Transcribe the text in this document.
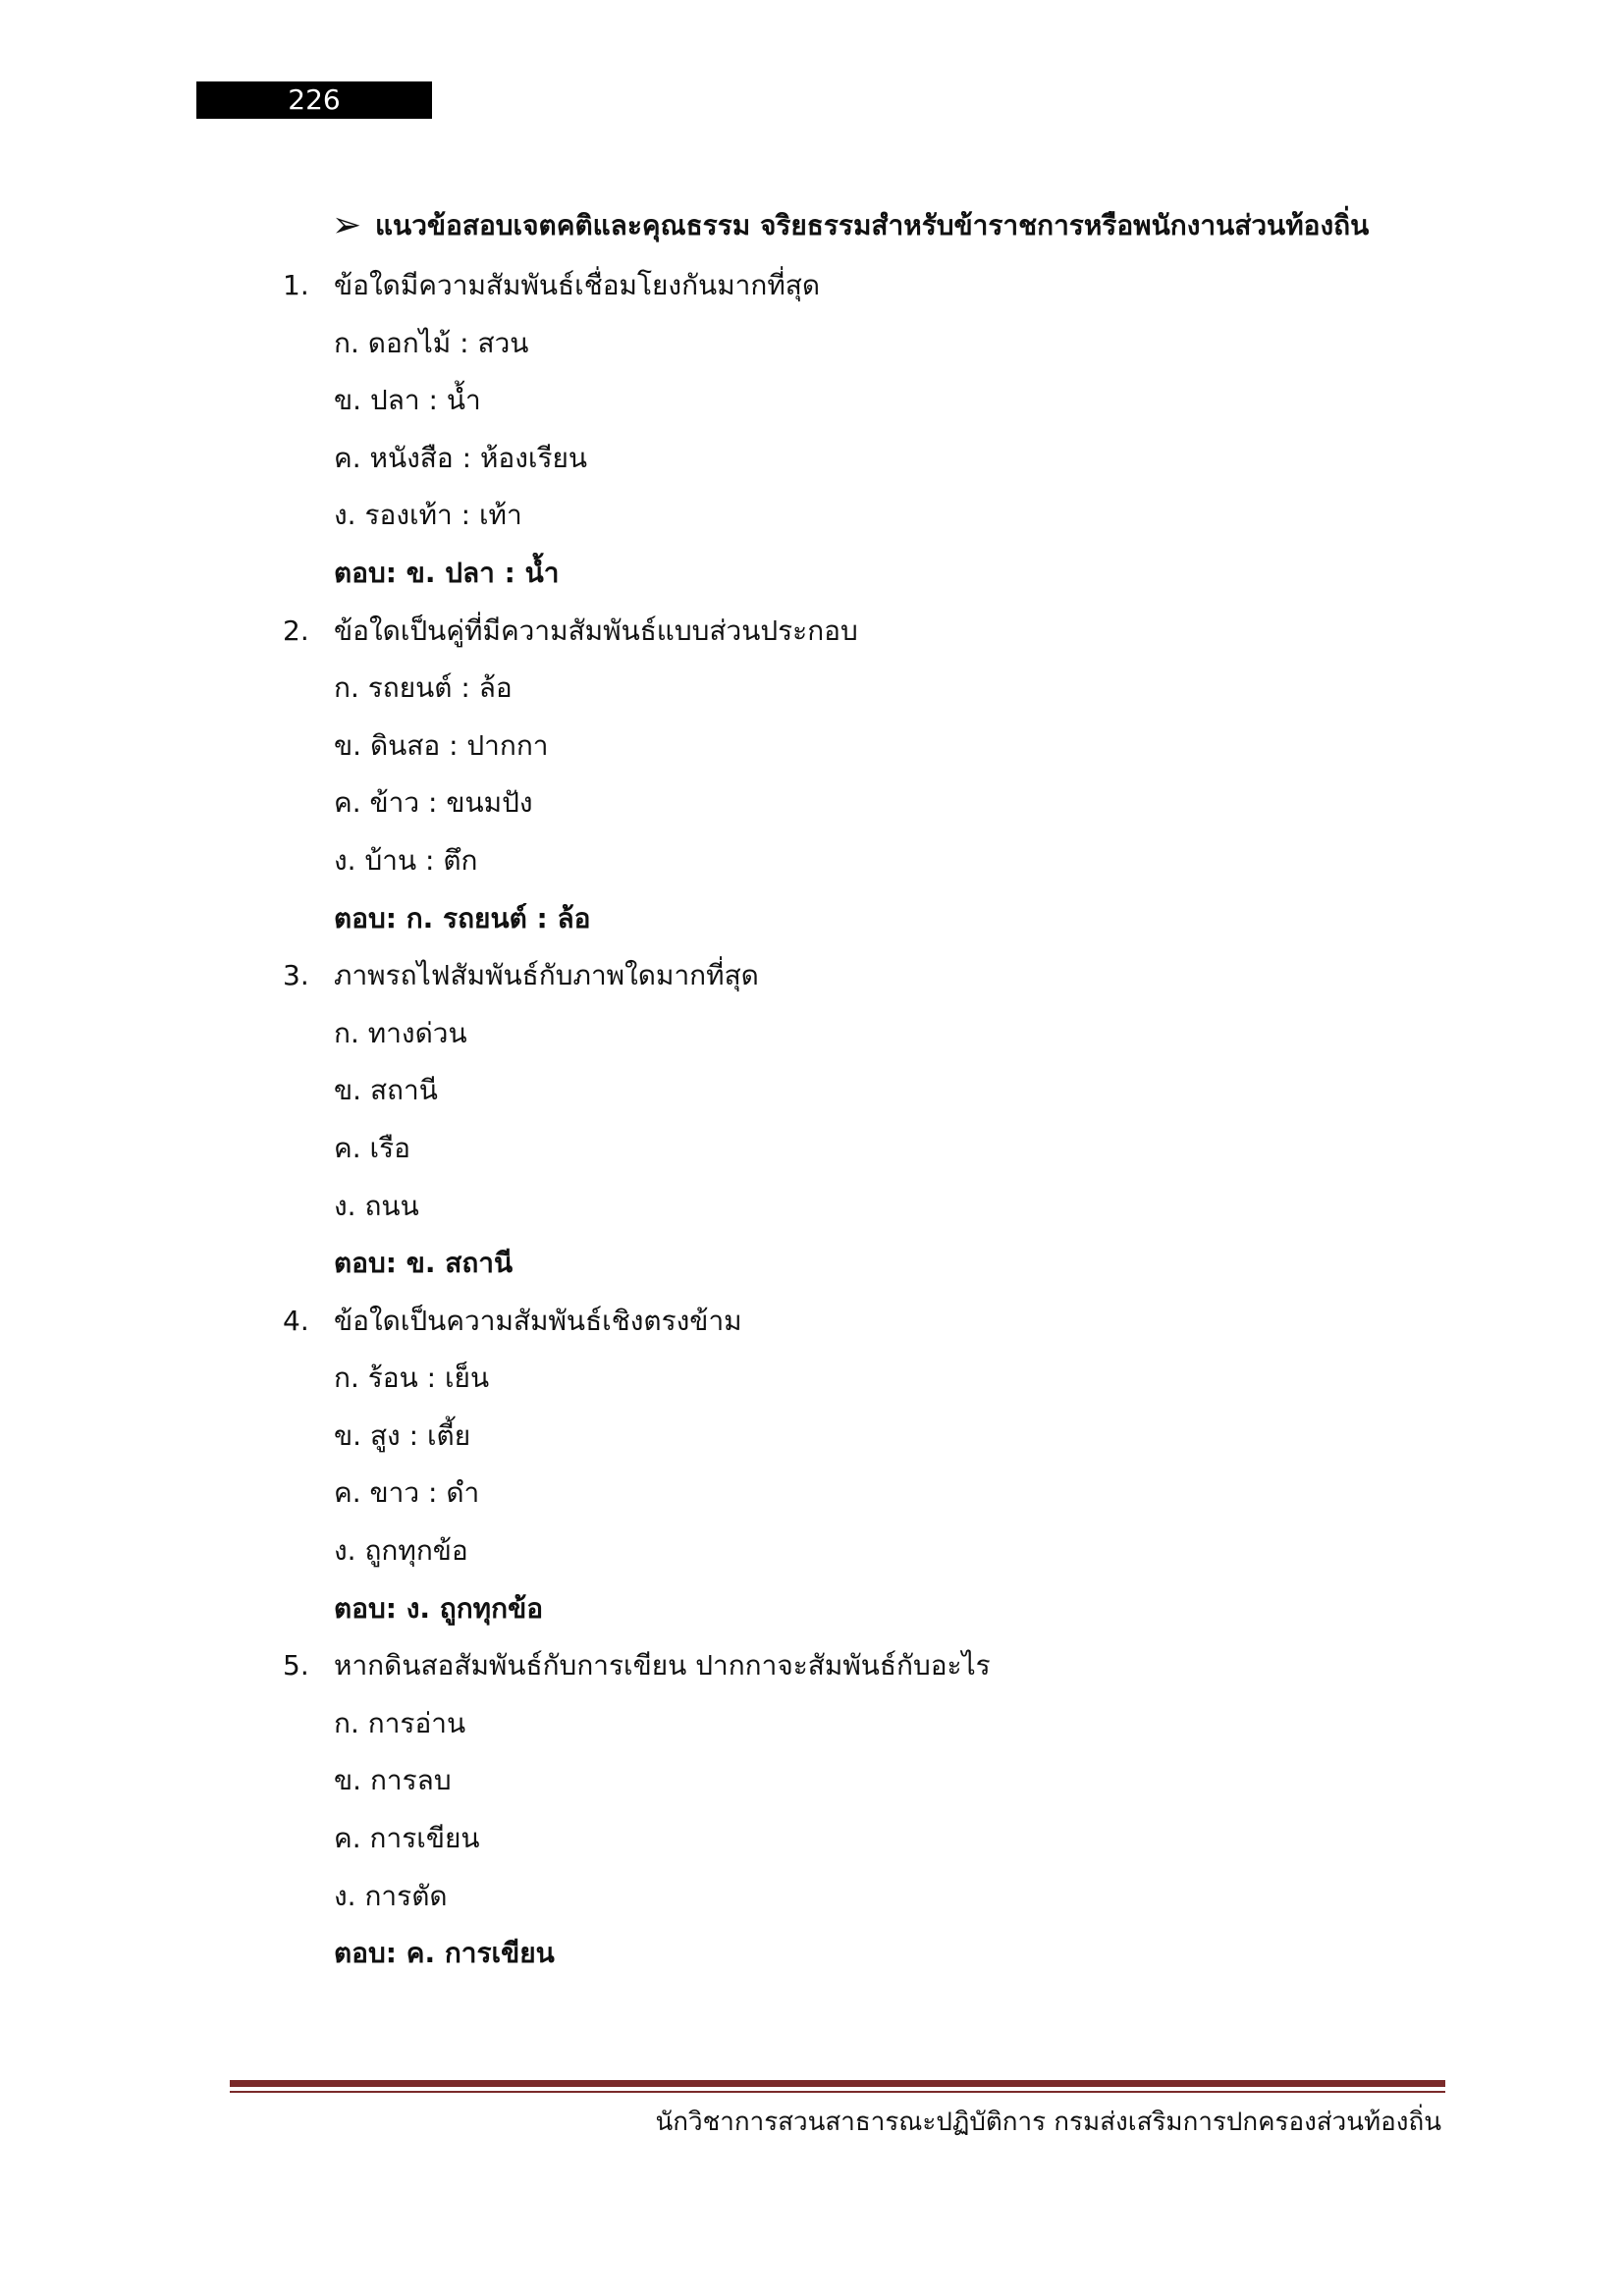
226
➢ แนวข้อสอบเจตคติและคุณธรรม จริยธรรมสำหรับข้าราชการหรือพนักงานส่วนท้องถิ่น
1. ข้อใดมีความสัมพันธ์เชื่อมโยงกันมากที่สุด
ก. ดอกไม้ : สวน
ข. ปลา : น้ำ
ค. หนังสือ : ห้องเรียน
ง. รองเท้า : เท้า
ตอบ: ข. ปลา : น้ำ
2. ข้อใดเป็นคู่ที่มีความสัมพันธ์แบบส่วนประกอบ
ก. รถยนต์ : ล้อ
ข. ดินสอ : ปากกา
ค. ข้าว : ขนมปัง
ง. บ้าน : ตึก
ตอบ: ก. รถยนต์ : ล้อ
3. ภาพรถไฟสัมพันธ์กับภาพใดมากที่สุด
ก. ทางด่วน
ข. สถานี
ค. เรือ
ง. ถนน
ตอบ: ข. สถานี
4. ข้อใดเป็นความสัมพันธ์เชิงตรงข้าม
ก. ร้อน : เย็น
ข. สูง : เตี้ย
ค. ขาว : ดำ
ง. ถูกทุกข้อ
ตอบ: ง. ถูกทุกข้อ
5. หากดินสอสัมพันธ์กับการเขียน ปากกาจะสัมพันธ์กับอะไร
ก. การอ่าน
ข. การลบ
ค. การเขียน
ง. การตัด
ตอบ: ค. การเขียน
นักวิชาการสวนสาธารณะปฏิบัติการ กรมส่งเสริมการปกครองส่วนท้องถิ่น
